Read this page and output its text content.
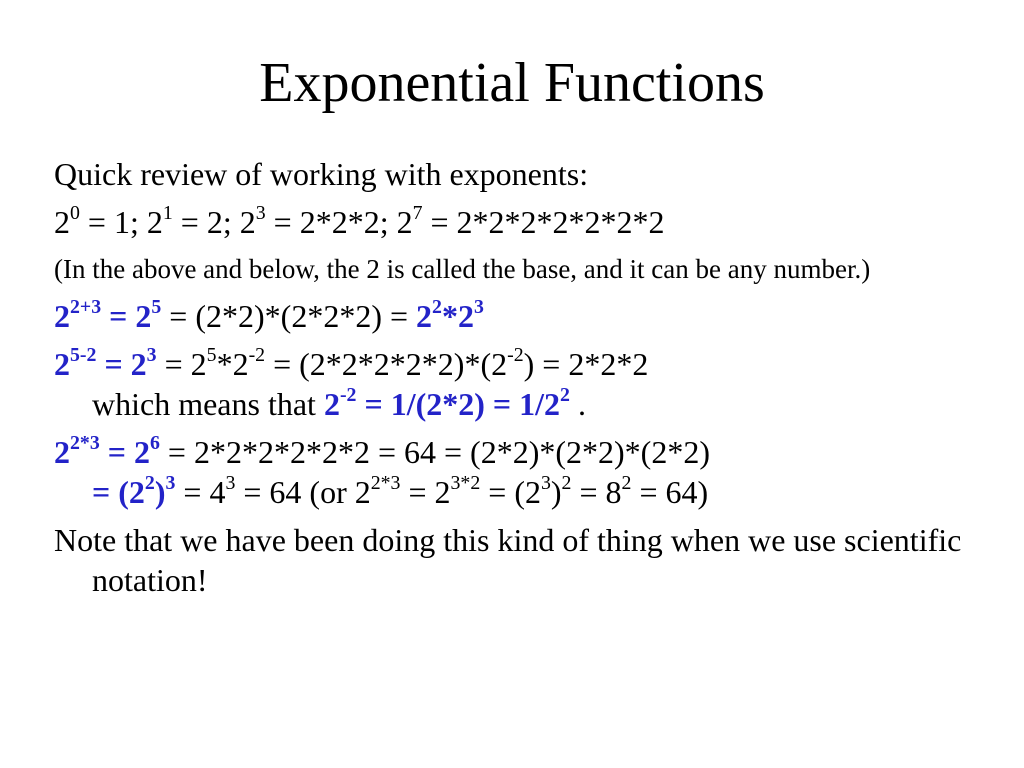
Exponential Functions
Quick review of working with exponents:
$2^0 = 1$; $2^1 = 2$; $2^3 = 2*2*2$; $2^7 = 2*2*2*2*2*2*2$
(In the above and below, the 2 is called the base, and it can be any number.)
$2^{2+3} = 2^5 = (2*2)*(2*2*2) = 2^2*2^3$
$2^{5-2} = 2^3 = 2^5*2^{-2} = (2*2*2*2*2)*(2^{-2}) = 2*2*2$
which means that $2^{-2} = 1/(2*2) = 1/2^2$ .
$2^{2*3} = 2^6 = 2*2*2*2*2*2 = 64 = (2*2)*(2*2)*(2*2)$
= $(2^2)^3 = 4^3 = 64$ (or $2^{2*3} = 2^{3*2} = (2^3)^2 = 8^2 = 64$)
Note that we have been doing this kind of thing when we use scientific notation!
